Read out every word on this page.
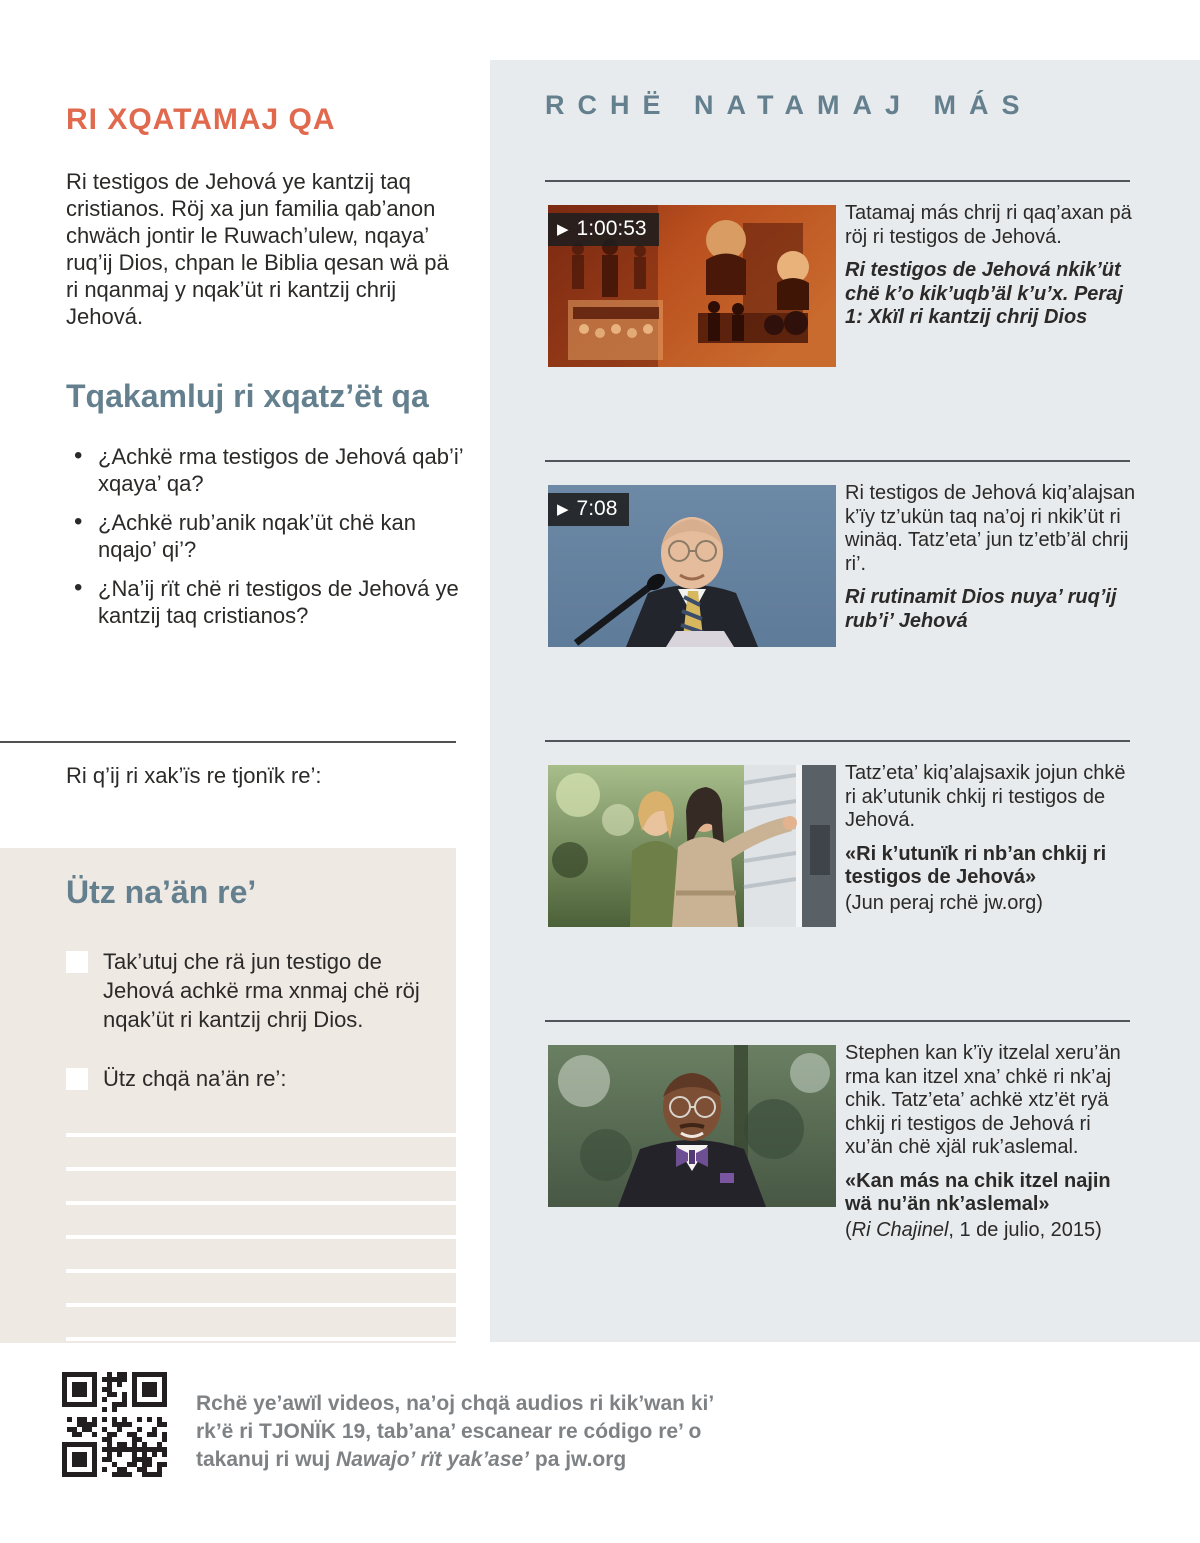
RI XQATAMAJ QA

Ri testigos de Jehová ye kantzij taq cristianos. Röj xa jun familia qab’anon chwäch jontir le Ruwach’ulew, nqaya’ ruq’ij Dios, chpan le Biblia qesan wä pä ri nqanmaj y nqak’üt ri kantzij chrij Jehová.

Tqakamluj ri xqatz’ët qa
• ¿Achkë rma testigos de Jehová qab’i’ xqaya’ qa?
• ¿Achkë rub’anik nqak’üt chë kan nqajo’ qi’?
• ¿Na’ij rït chë ri testigos de Jehová ye kantzij taq cristianos?

Ri q’ij ri xak’ïs re tjonïk re’:

Ütz na’än re’
Tak’utuj che rä jun testigo de Jehová achkë rma xnmaj chë röj nqak’üt ri kantzij chrij Dios.
Ütz chqä na’än re’:
RCHË NATAMAJ MÁS
▶ 1:00:53

Tatamaj más chrij ri qaq’axan pä röj ri testigos de Jehová.

Ri testigos de Jehová nkik’üt chë k’o kik’uqb’äl k’u’x. Peraj 1: Xkïl ri kantzij chrij Dios

▶ 7:08

Ri testigos de Jehová kiq’alajsan k’ïy tz’ukün taq na’oj ri nkik’üt ri winäq. Tatz’eta’ jun tz’etb’äl chrij ri’.

Ri rutinamit Dios nuya’ ruq’ij rub’i’ Jehová

Tatz’eta’ kiq’alajsaxik jojun chkë ri ak’utunik chkij ri testigos de Jehová.

«Ri k’utunïk ri nb’an chkij ri testigos de Jehová»

(Jun peraj rchë jw.org)

Stephen kan k’ïy itzelal xeru’än rma kan itzel xna’ chkë ri nk’aj chik. Tatz’eta’ achkë xtz’ët ryä chkij ri testigos de Jehová ri xu’än chë xjäl ruk’aslemal.

«Kan más na chik itzel najin wä nu’än nk’aslemal»

(Ri Chajinel, 1 de julio, 2015)

Rchë ye’awïl videos, na’oj chqä audios ri kik’wan ki’ rk’ë ri TJONÏK 19, tab’ana’ escanear re código re’ o takanuj ri wuj Nawajo’ rït yak’ase’ pa jw.org
